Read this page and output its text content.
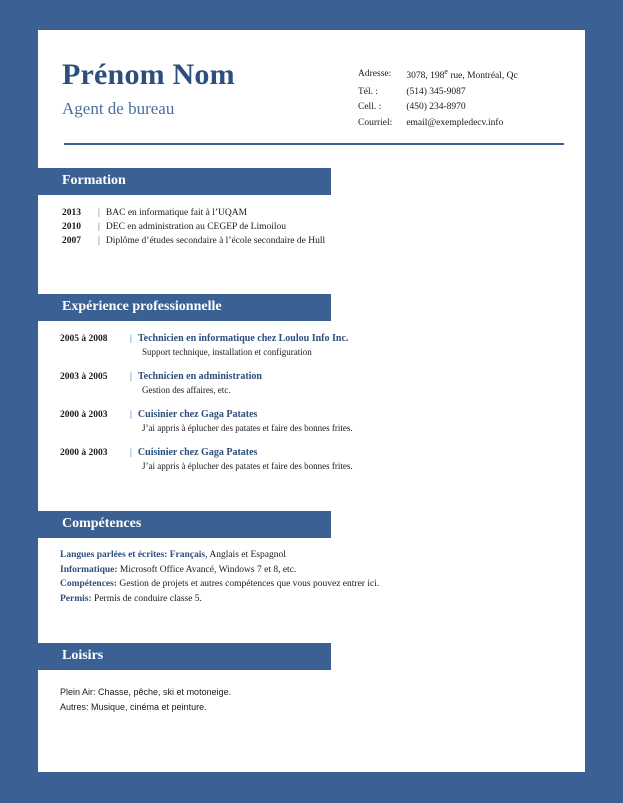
Prénom Nom
Agent de bureau
Adresse:	3078, 198e rue, Montréal, Qc
Tél. :	(514) 345-9087
Cell. :	(450) 234-8970
Courriel:	email@exempledecv.info
Formation
2013 | BAC en informatique fait à l’UQAM
2010 | DEC en administration au CEGEP de Limoilou
2007 | Diplôme d’études secondaire à l’école secondaire de Hull
Expérience professionnelle
2005 à 2008 | Technicien en informatique chez Loulou Info Inc.
Support technique, installation et configuration
2003 à 2005 | Technicien en administration
Gestion des affaires, etc.
2000 à 2003 | Cuisinier chez Gaga Patates
J’ai appris à éplucher des patates et faire des bonnes frites.
2000 à 2003 | Cuisinier chez Gaga Patates
J’ai appris à éplucher des patates et faire des bonnes frites.
Compétences
Langues parlées et écrites: Français, Anglais et Espagnol
Informatique: Microsoft Office Avancé, Windows 7 et 8, etc.
Compétences: Gestion de projets et autres compétences que vous pouvez entrer ici.
Permis: Permis de conduire classe 5.
Loisirs
Plein Air: Chasse, pêche, ski et motoneige.
Autres: Musique, cinéma et peinture.
